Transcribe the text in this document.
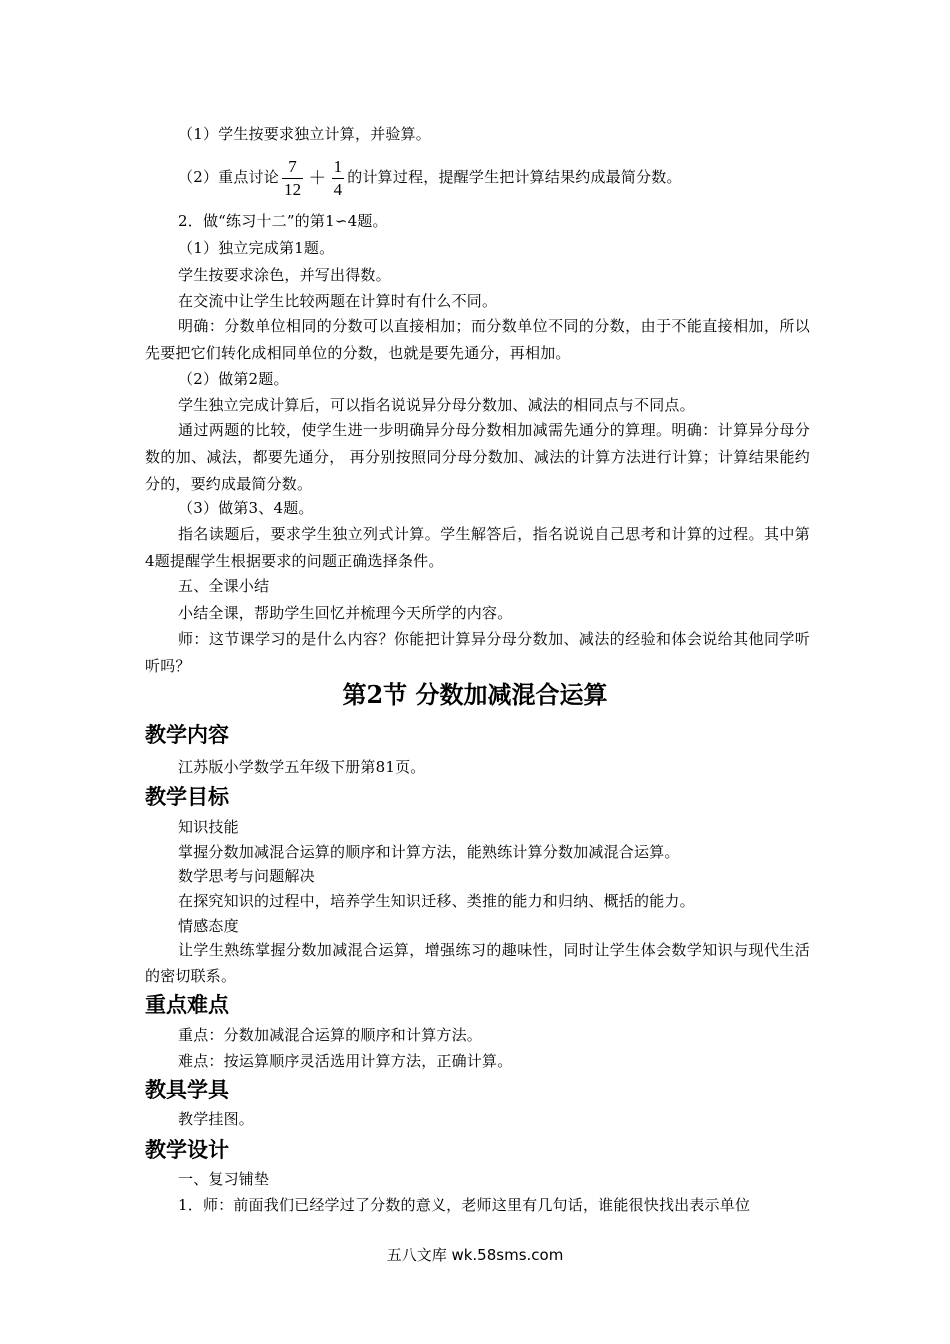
（1）学生按要求独立计算，并验算。
（2）重点讨论 $\frac{7}{12} + \frac{1}{4}$ 的计算过程，提醒学生把计算结果约成最简分数。
2．做“练习十二”的第1∽4题。
（1）独立完成第1题。
学生按要求涂色，并写出得数。
在交流中让学生比较两题在计算时有什么不同。
明确：分数单位相同的分数可以直接相加；而分数单位不同的分数，由于不能直接相加，所以先要把它们转化成相同单位的分数，也就是要先通分，再相加。
（2）做第2题。
学生独立完成计算后，可以指名说说异分母分数加、减法的相同点与不同点。
通过两题的比较，使学生进一步明确异分母分数相加减需先通分的算理。明确：计算异分母分数的加、减法，都要先通分， 再分别按照同分母分数加、减法的计算方法进行计算；计算结果能约分的，要约成最简分数。
（3）做第3、4题。
指名读题后，要求学生独立列式计算。学生解答后，指名说说自己思考和计算的过程。其中第4题提醒学生根据要求的问题正确选择条件。
五、全课小结
小结全课，帮助学生回忆并梳理今天所学的内容。
师：这节课学习的是什么内容？你能把计算异分母分数加、减法的经验和体会说给其他同学听听吗？
第2节 分数加减混合运算
教学内容
江苏版小学数学五年级下册第81页。
教学目标
知识技能
掌握分数加减混合运算的顺序和计算方法，能熟练计算分数加减混合运算。
数学思考与问题解决
在探究知识的过程中，培养学生知识迁移、类推的能力和归纳、概括的能力。
情感态度
让学生熟练掌握分数加减混合运算，增强练习的趣味性，同时让学生体会数学知识与现代生活的密切联系。
重点难点
重点：分数加减混合运算的顺序和计算方法。
难点：按运算顺序灵活选用计算方法，正确计算。
教具学具
教学挂图。
教学设计
一、复习铺垫
1．师：前面我们已经学过了分数的意义，老师这里有几句话，谁能很快找出表示单位
五八文库 wk.58sms.com
